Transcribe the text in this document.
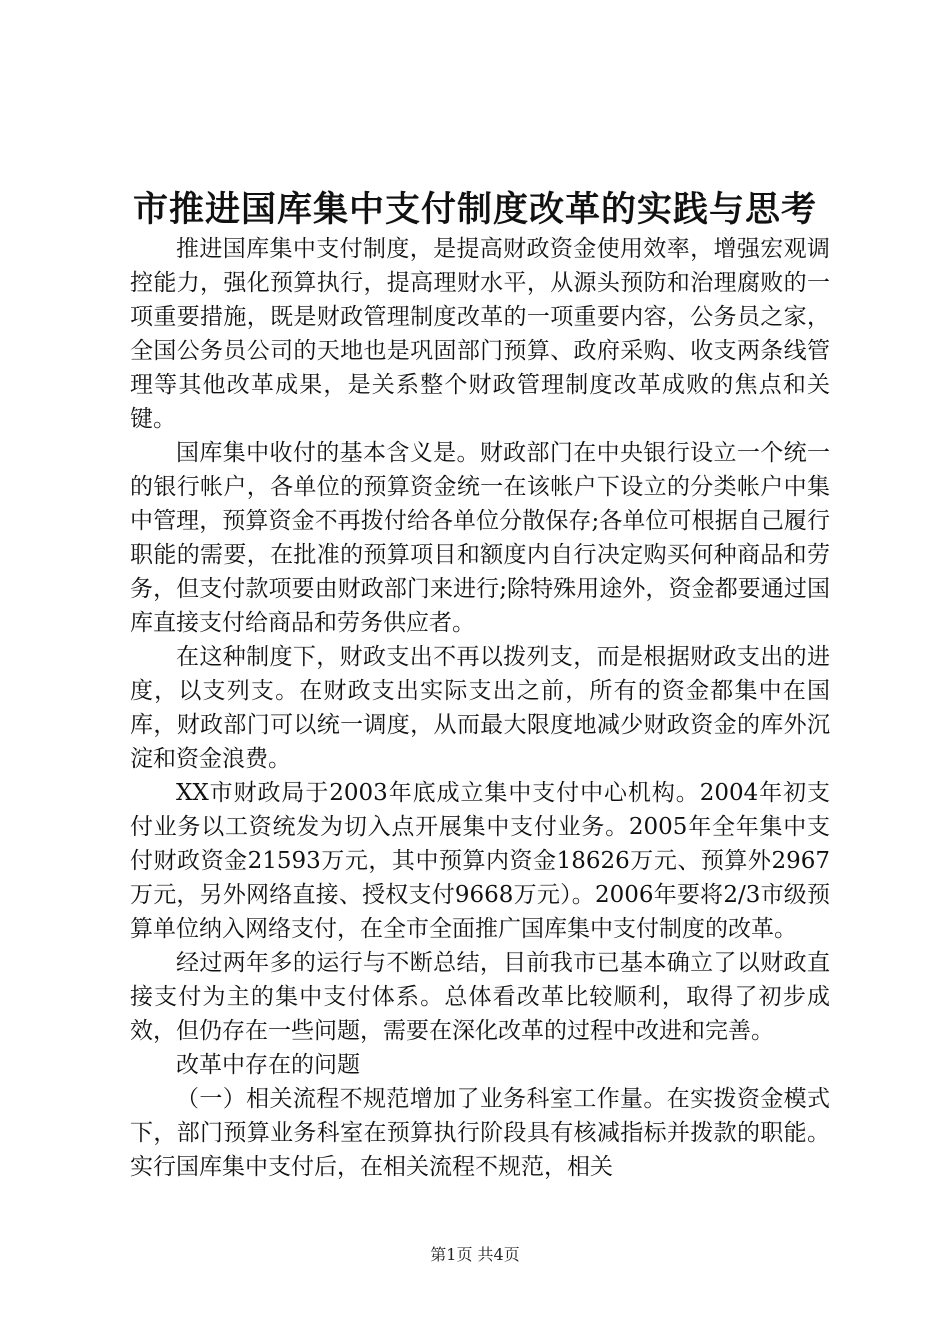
市推进国库集中支付制度改革的实践与思考

推进国库集中支付制度，是提高财政资金使用效率，增强宏观调控能力，强化预算执行，提高理财水平，从源头预防和治理腐败的一项重要措施，既是财政管理制度改革的一项重要内容，公务员之家，全国公务员公司的天地也是巩固部门预算、政府采购、收支两条线管理等其他改革成果，是关系整个财政管理制度改革成败的焦点和关键。

国库集中收付的基本含义是。财政部门在中央银行设立一个统一的银行帐户，各单位的预算资金统一在该帐户下设立的分类帐户中集中管理，预算资金不再拨付给各单位分散保存;各单位可根据自己履行职能的需要，在批准的预算项目和额度内自行决定购买何种商品和劳务，但支付款项要由财政部门来进行;除特殊用途外，资金都要通过国库直接支付给商品和劳务供应者。

在这种制度下，财政支出不再以拨列支，而是根据财政支出的进度，以支列支。在财政支出实际支出之前，所有的资金都集中在国库，财政部门可以统一调度，从而最大限度地减少财政资金的库外沉淀和资金浪费。

XX市财政局于2003年底成立集中支付中心机构。2004年初支付业务以工资统发为切入点开展集中支付业务。2005年全年集中支付财政资金21593万元，其中预算内资金18626万元、预算外2967万元，另外网络直接、授权支付9668万元）。2006年要将2/3市级预算单位纳入网络支付，在全市全面推广国库集中支付制度的改革。

经过两年多的运行与不断总结，目前我市已基本确立了以财政直接支付为主的集中支付体系。总体看改革比较顺利，取得了初步成效，但仍存在一些问题，需要在深化改革的过程中改进和完善。

改革中存在的问题

（一）相关流程不规范增加了业务科室工作量。在实拨资金模式下，部门预算业务科室在预算执行阶段具有核减指标并拨款的职能。实行国库集中支付后，在相关流程不规范，相关

第1页 共4页
